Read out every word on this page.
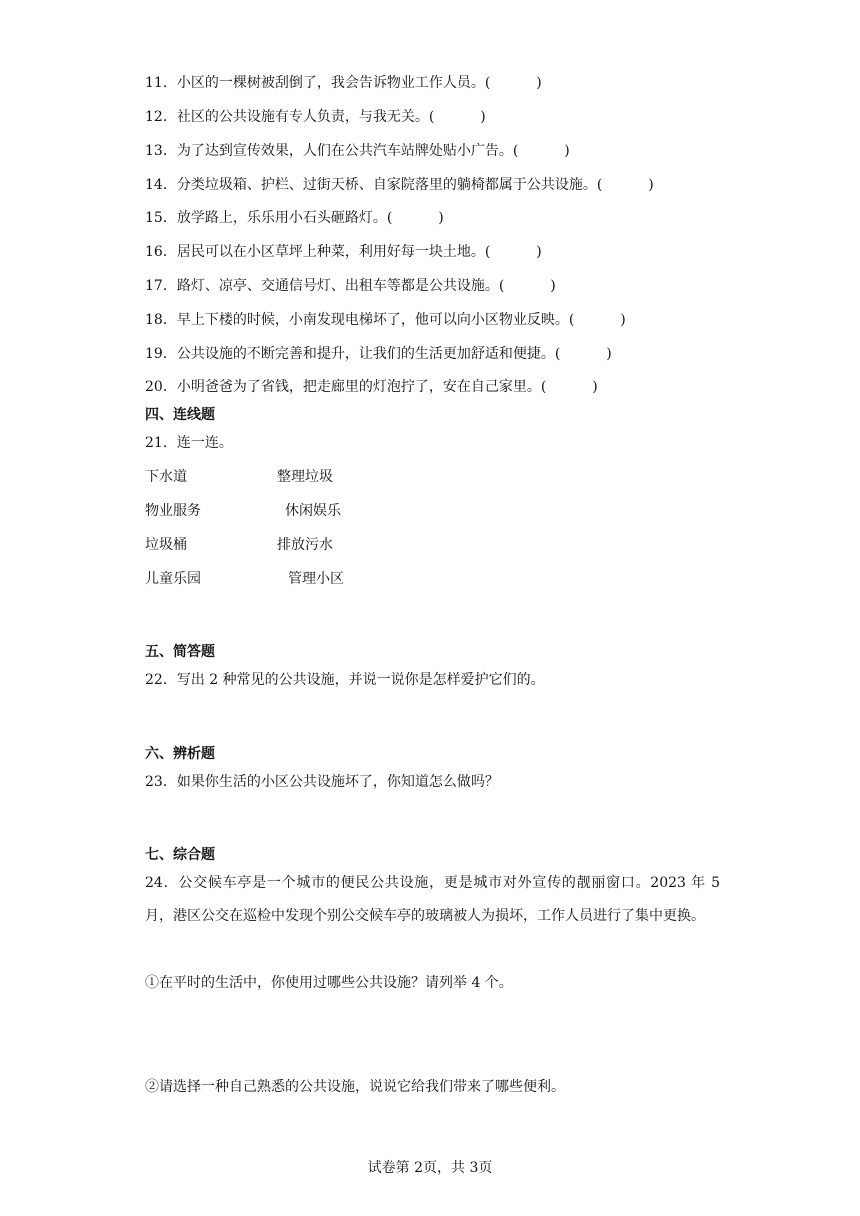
11．小区的一棵树被刮倒了，我会告诉物业工作人员。(	)
12．社区的公共设施有专人负责，与我无关。(	)
13．为了达到宣传效果，人们在公共汽车站牌处贴小广告。(	)
14．分类垃圾箱、护栏、过街天桥、自家院落里的躺椅都属于公共设施。(	)
15．放学路上，乐乐用小石头砸路灯。(	)
16．居民可以在小区草坪上种菜，利用好每一块土地。(	)
17．路灯、凉亭、交通信号灯、出租车等都是公共设施。(	)
18．早上下楼的时候，小南发现电梯坏了，他可以向小区物业反映。(	)
19．公共设施的不断完善和提升，让我们的生活更加舒适和便捷。(	)
20．小明爸爸为了省钱，把走廊里的灯泡拧了，安在自己家里。(	)
四、连线题
21．连一连。
下水道	整理垃圾
物业服务	休闲娱乐
垃圾桶	排放污水
儿童乐园	管理小区
五、简答题
22．写出 2 种常见的公共设施，并说一说你是怎样爱护它们的。
六、辨析题
23．如果你生活的小区公共设施坏了，你知道怎么做吗？
七、综合题
24．公交候车亭是一个城市的便民公共设施，更是城市对外宣传的靓丽窗口。2023 年 5 月，港区公交在巡检中发现个别公交候车亭的玻璃被人为损坏，工作人员进行了集中更换。
①在平时的生活中，你使用过哪些公共设施？请列举 4 个。
②请选择一种自己熟悉的公共设施，说说它给我们带来了哪些便利。
试卷第 2页，共 3页
